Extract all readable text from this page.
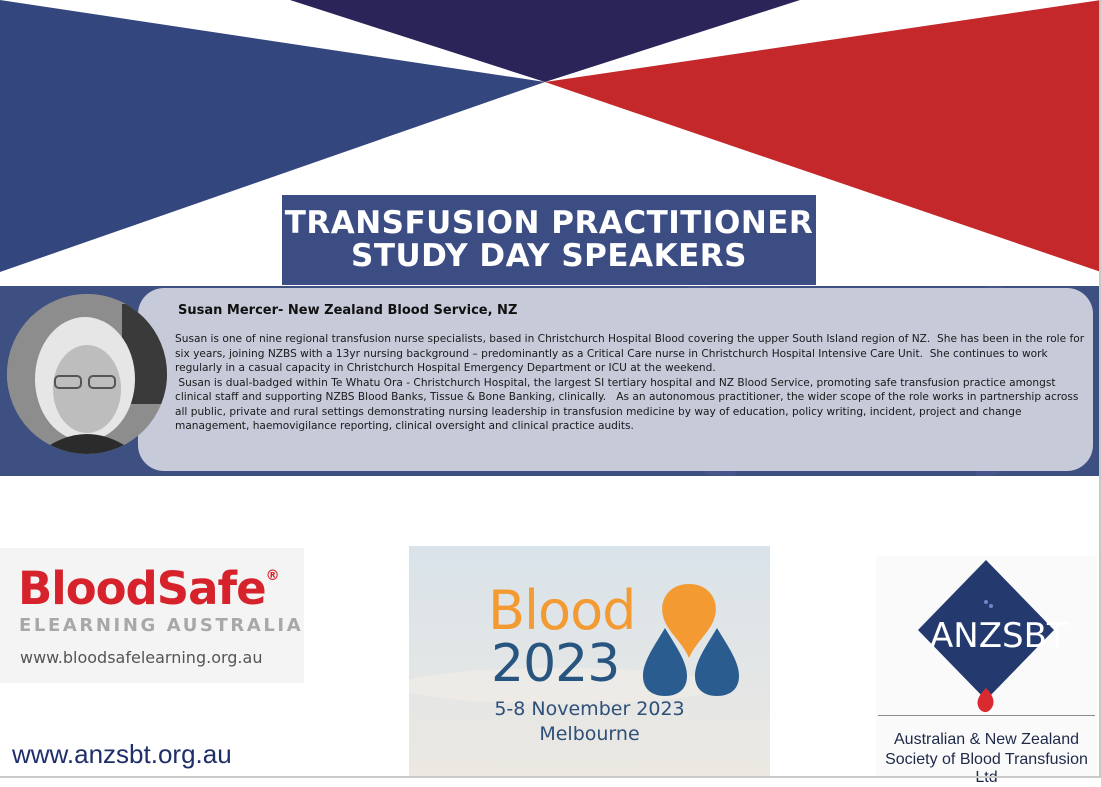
TRANSFUSION PRACTITIONER
STUDY DAY SPEAKERS
Susan Mercer- New Zealand Blood Service, NZ

Susan is one of nine regional transfusion nurse specialists, based in Christchurch Hospital Blood covering the upper South Island region of NZ.  She has been in the role for six years, joining NZBS with a 13yr nursing background – predominantly as a Critical Care nurse in Christchurch Hospital Intensive Care Unit.  She continues to work regularly in a casual capacity in Christchurch Hospital Emergency Department or ICU at the weekend.

Susan is dual-badged within Te Whatu Ora - Christchurch Hospital, the largest SI tertiary hospital and NZ Blood Service, promoting safe transfusion practice amongst clinical staff and supporting NZBS Blood Banks, Tissue & Bone Banking, clinically.   As an autonomous practitioner, the wider scope of the role works in partnership across all public, private and rural settings demonstrating nursing leadership in transfusion medicine by way of education, policy writing, incident, project and change management, haemovigilance reporting, clinical oversight and clinical practice audits.

BloodSafe®
ELEARNING AUSTRALIA
www.bloodsafelearning.org.au
Blood
2023
5-8 November 2023
Melbourne
ANZSBT
Australian & New Zealand
Society of Blood Transfusion
www.anzsbt.org.au
